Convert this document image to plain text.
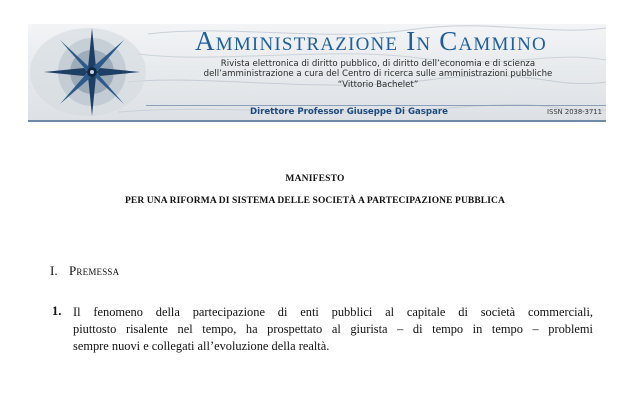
Amministrazione In Cammino
Rivista elettronica di diritto pubblico, di diritto dell’economia e di scienza
dell’amministrazione a cura del Centro di ricerca sulle amministrazioni pubbliche
“Vittorio Bachelet”
Direttore Professor Giuseppe Di Gaspare	ISSN 2038-3711
MANIFESTO
PER UNA RIFORMA DI SISTEMA DELLE SOCIETÀ A PARTECIPAZIONE PUBBLICA
I. Premessa
1. Il fenomeno della partecipazione di enti pubblici al capitale di società commerciali,
piuttosto risalente nel tempo, ha prospettato al giurista – di tempo in tempo – problemi
sempre nuovi e collegati all’evoluzione della realtà.
